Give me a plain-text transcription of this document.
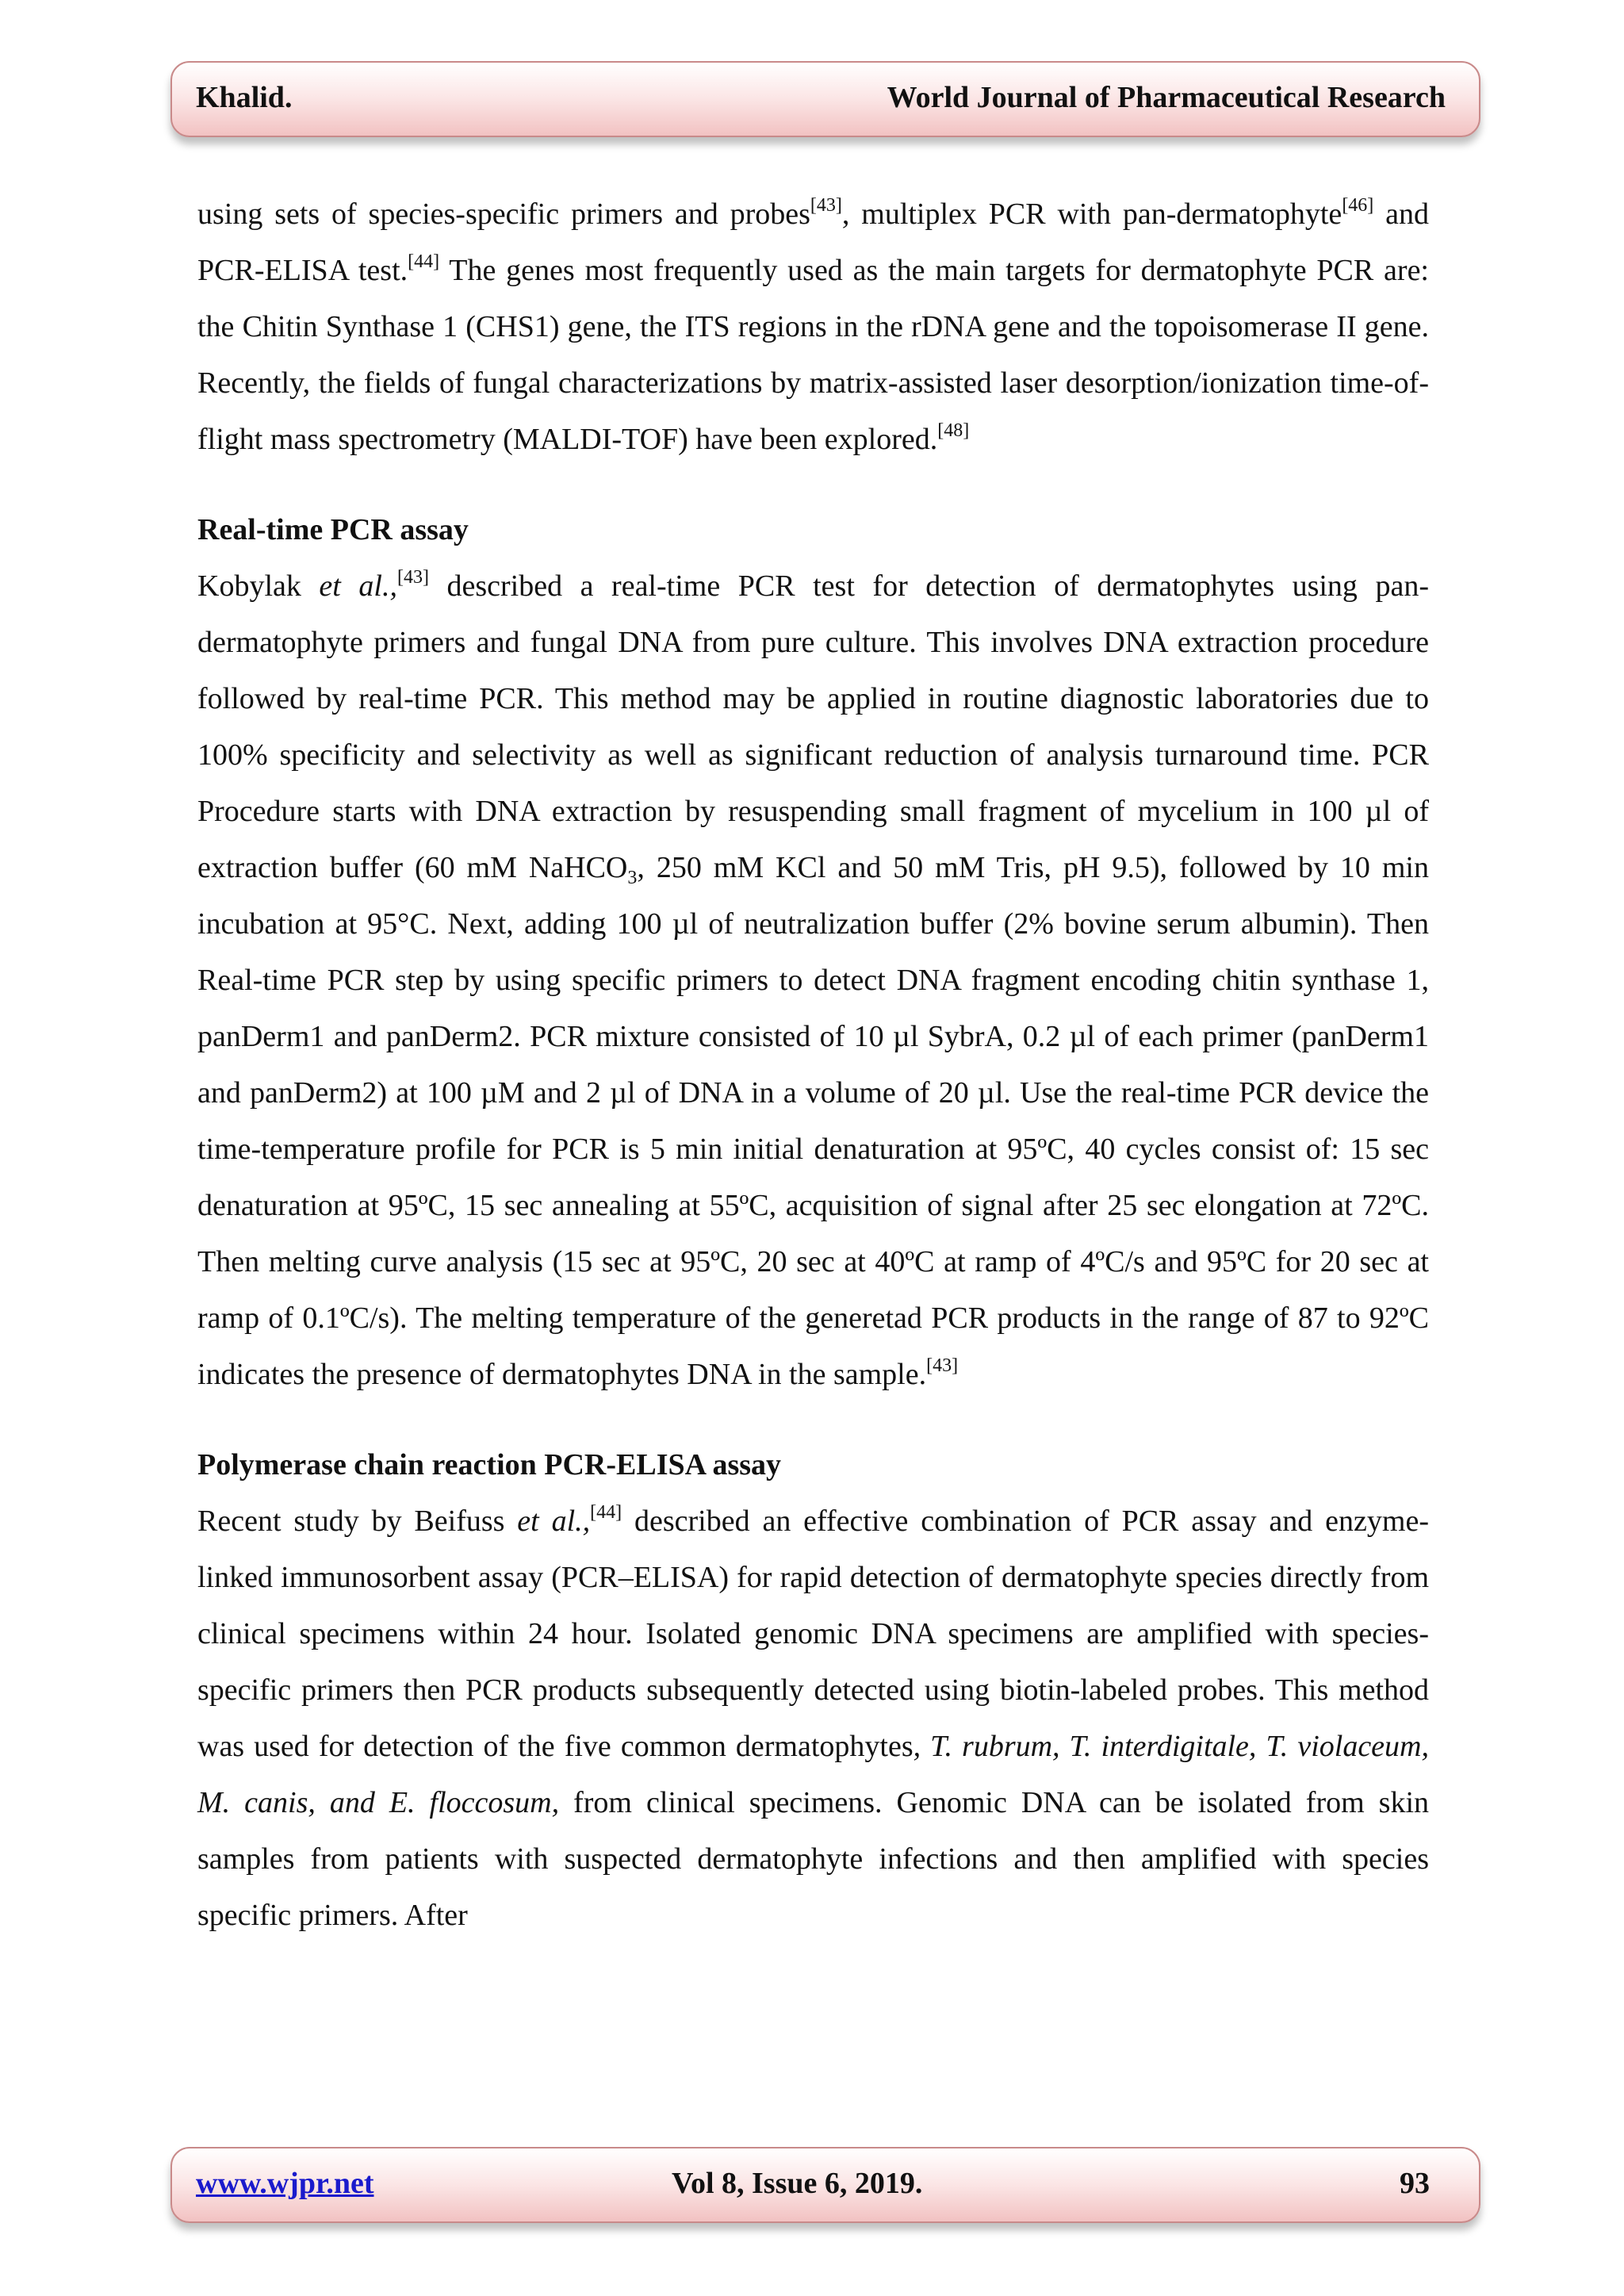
Khalid.	World Journal of Pharmaceutical Research

using sets of species-specific primers and probes[43], multiplex PCR with pan-dermatophyte[46] and PCR-ELISA test.[44] The genes most frequently used as the main targets for dermatophyte PCR are: the Chitin Synthase 1 (CHS1) gene, the ITS regions in the rDNA gene and the topoisomerase II gene. Recently, the fields of fungal characterizations by matrix-assisted laser desorption/ionization time-of-flight mass spectrometry (MALDI-TOF) have been explored.[48]

Real-time PCR assay

Kobylak et al.,[43] described a real-time PCR test for detection of dermatophytes using pan-dermatophyte primers and fungal DNA from pure culture. This involves DNA extraction procedure followed by real-time PCR. This method may be applied in routine diagnostic laboratories due to 100% specificity and selectivity as well as significant reduction of analysis turnaround time. PCR Procedure starts with DNA extraction by resuspending small fragment of mycelium in 100 µl of extraction buffer (60 mM NaHCO$_3$, 250 mM KCl and 50 mM Tris, pH 9.5), followed by 10 min incubation at 95°C. Next, adding 100 µl of neutralization buffer (2% bovine serum albumin). Then Real-time PCR step by using specific primers to detect DNA fragment encoding chitin synthase 1, panDerm1 and panDerm2. PCR mixture consisted of 10 µl SybrA, 0.2 µl of each primer (panDerm1 and panDerm2) at 100 µM and 2 µl of DNA in a volume of 20 µl. Use the real-time PCR device the time-temperature profile for PCR is 5 min initial denaturation at 95ºC, 40 cycles consist of: 15 sec denaturation at 95ºC, 15 sec annealing at 55ºC, acquisition of signal after 25 sec elongation at 72ºC. Then melting curve analysis (15 sec at 95ºC, 20 sec at 40ºC at ramp of 4ºC/s and 95ºC for 20 sec at ramp of 0.1ºC/s). The melting temperature of the generetad PCR products in the range of 87 to 92ºC indicates the presence of dermatophytes DNA in the sample.[43]

Polymerase chain reaction PCR-ELISA assay

Recent study by Beifuss et al.,[44] described an effective combination of PCR assay and enzyme-linked immunosorbent assay (PCR–ELISA) for rapid detection of dermatophyte species directly from clinical specimens within 24 hour. Isolated genomic DNA specimens are amplified with species-specific primers then PCR products subsequently detected using biotin-labeled probes. This method was used for detection of the five common dermatophytes, T. rubrum, T. interdigitale, T. violaceum, M. canis, and E. floccosum, from clinical specimens. Genomic DNA can be isolated from skin samples from patients with suspected dermatophyte infections and then amplified with species specific primers. After

www.wjpr.net	Vol 8, Issue 6, 2019.	93
